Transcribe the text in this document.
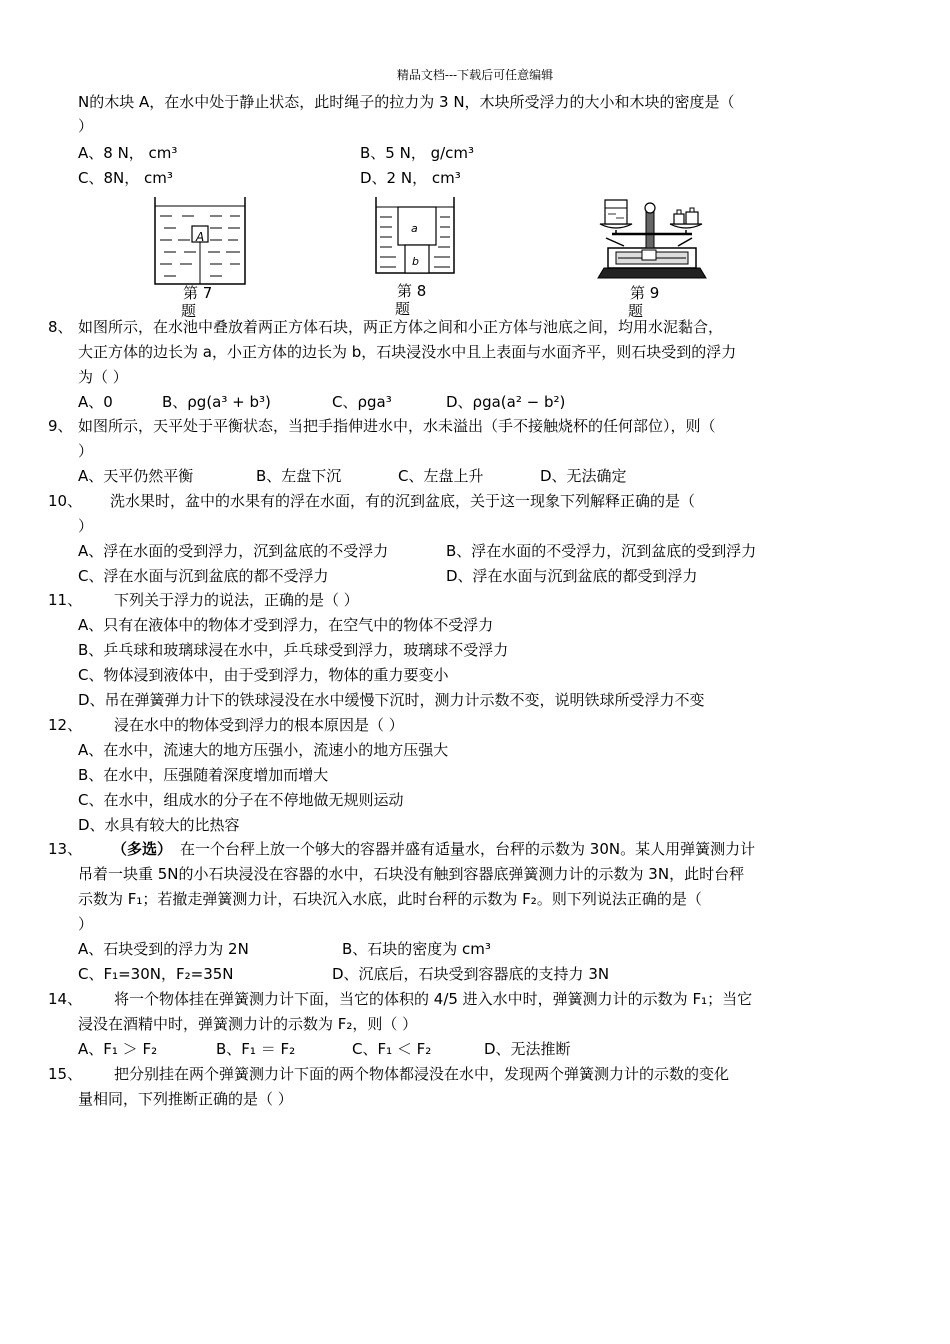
精品文档---下载后可任意编辑
N的木块 A，在水中处于静止状态，此时绳子的拉力为 3 N，木块所受浮力的大小和木块的密度是（
）
A、8 N， cm³	B、5 N， g/cm³
C、8N， cm³	D、2 N， cm³
A
第 7
题
a
b
第 8
题
第 9
题
8、 如图所示，在水池中叠放着两正方体石块，两正方体之间和小正方体与池底之间，均用水泥黏合，
大正方体的边长为 a，小正方体的边长为 b，石块浸没水中且上表面与水面齐平，则石块受到的浮力
为（ ）
A、0	B、ρg(a³ + b³)	C、ρga³	D、ρga(a² − b²)
9、 如图所示，天平处于平衡状态，当把手指伸进水中，水未溢出（手不接触烧杯的任何部位），则（
）
A、天平仍然平衡	B、左盘下沉	C、左盘上升	D、无法确定
10、 洗水果时，盆中的水果有的浮在水面，有的沉到盆底，关于这一现象下列解释正确的是（
）
A、浮在水面的受到浮力，沉到盆底的不受浮力	B、浮在水面的不受浮力，沉到盆底的受到浮力
C、浮在水面与沉到盆底的都不受浮力	D、浮在水面与沉到盆底的都受到浮力
11、 下列关于浮力的说法，正确的是（ ）
A、只有在液体中的物体才受到浮力，在空气中的物体不受浮力
B、乒乓球和玻璃球浸在水中，乒乓球受到浮力，玻璃球不受浮力
C、物体浸到液体中，由于受到浮力，物体的重力要变小
D、吊在弹簧弹力计下的铁球浸没在水中缓慢下沉时，测力计示数不变，说明铁球所受浮力不变
12、 浸在水中的物体受到浮力的根本原因是（ ）
A、在水中，流速大的地方压强小，流速小的地方压强大
B、在水中，压强随着深度增加而增大
C、在水中，组成水的分子在不停地做无规则运动
D、水具有较大的比热容
13、 （多选） 在一个台秤上放一个够大的容器并盛有适量水，台秤的示数为 30N。某人用弹簧测力计
吊着一块重 5N的小石块浸没在容器的水中，石块没有触到容器底弹簧测力计的示数为 3N，此时台秤
示数为 F₁；若撤走弹簧测力计，石块沉入水底，此时台秤的示数为 F₂。则下列说法正确的是（
）
A、石块受到的浮力为 2N	B、石块的密度为 cm³
C、F₁=30N，F₂=35N	D、沉底后，石块受到容器底的支持力 3N
14、 将一个物体挂在弹簧测力计下面，当它的体积的 4/5 进入水中时，弹簧测力计的示数为 F₁；当它
浸没在酒精中时，弹簧测力计的示数为 F₂，则（ ）
A、F₁ ＞ F₂	B、F₁ ＝ F₂	C、F₁ ＜ F₂	D、无法推断
15、 把分别挂在两个弹簧测力计下面的两个物体都浸没在水中，发现两个弹簧测力计的示数的变化
量相同，下列推断正确的是（ ）
